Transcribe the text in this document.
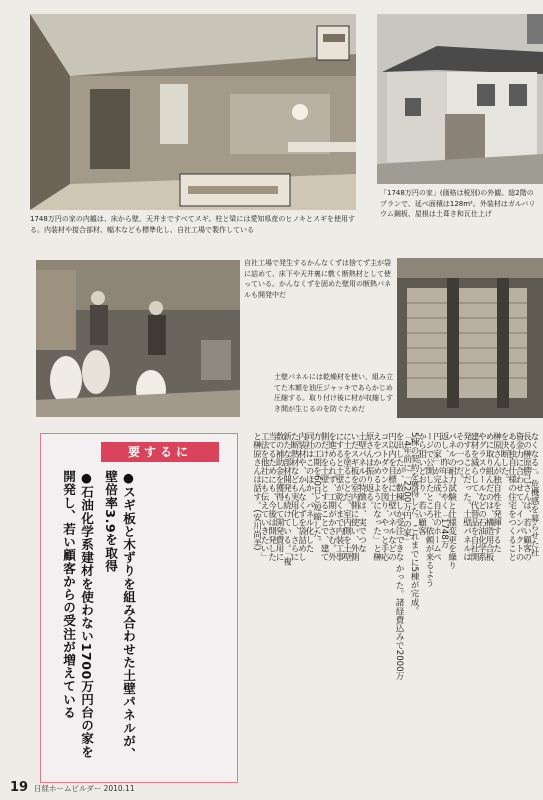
1748万円の家の内観は、床から壁、天井まですべてスギ。柱と梁には愛知県産のヒノキとスギを使用する。内装材や接合部材、幅木なども標準化し、自社工場で製作している
「1748万円の家」(価格は税別)の外観。総2階のプランで、延べ面積は128m²。外装材はガルバリウム鋼板、屋根は土葺き和瓦仕上げ
自社工場で発生するかんなくずは捨てず主が袋に詰めて、床下や天井裏に敷く断熱材として使っている。かんなくずを固めた壁用の断熱パネルも開発中だ
土壁パネルには乾燥材を使い、組み立てた木額を油圧ジャッキであらかじめ圧縮する。取り付け後に材が収縮しすき間が生じるのを防ぐためだ
要するに

●スギ板と木ずりを組み合わせた土壁パネルが、壁倍率3.9を取得

●石油化学系建材を使わない1700万円台の家を開発し、若い顧客からの受注が増えている	なくなる」。危機感を募らせた社
長の榊原勝己さんは、若い顧客の
資金力に合わせて、インパクトの
ある独自仕様の住宅をつくること
を決断した。
榊原さんが独自性を発揮するた
めに取り組んだのは、構造用合板
やグラスウールなどの石油化学系
建材を減らして、代替品を自社開
発することだった。土壁パネルは
その一つだ。
パネルの耐力試験と仕様変更を繰り
返し、昨年ようやく「1748万
円の家」が完成。自社のホームペ
ージで公開したところ、依頼が来るよう
から狙いどおり、若い顧客
5棟の契約を獲得した。これまでに5棟が完成。
「4年前に「2200万円の家」
を出したが、数棟しか受注できな かった。諸経費込みで2000万
円以内を目標に土壁パネルなどの
コストダウンを図り、やっと手応
えをつかめるようになった」と榊
原さんは振り返る。
土壁パネルの特徴は、実でつな
いだスギ板を室内側に使い、外側
に土を塗ることだ。室内側を土壁
にすると土壁が乾くまで内装工事
を進められず、工期がかさむ。外
側だけを土壁とすることで、建て
方の工期を60日と短縮した。
同社はこのほか、パネル化した
内装材や、かんなくずを袋詰めし
た断熱材なども実用化し、さらに
新たな部材開発も続けている。「複
数の補助金を獲得して開発費用に
当てるためにも、今後は開発した
工法を他社にも伝えていきたい」
と榊原さんは話す。(安川尚美)
19 日経ホームビルダー 2010.11
